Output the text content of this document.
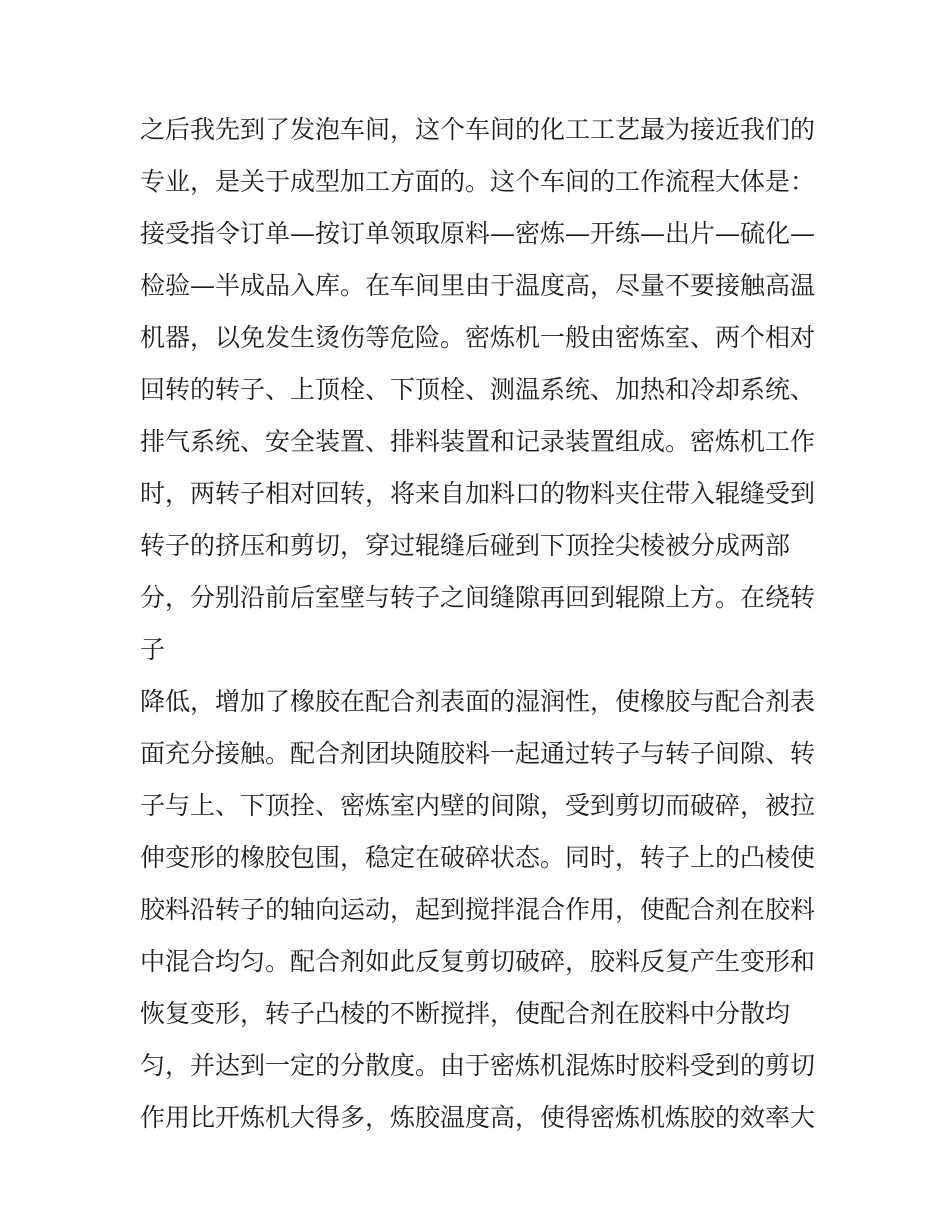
之后我先到了发泡车间，这个车间的化工工艺最为接近我们的
专业，是关于成型加工方面的。这个车间的工作流程大体是：
接受指令订单—按订单领取原料—密炼—开练—出片—硫化—
检验—半成品入库。在车间里由于温度高，尽量不要接触高温
机器，以免发生烫伤等危险。密炼机一般由密炼室、两个相对
回转的转子、上顶栓、下顶栓、测温系统、加热和冷却系统、
排气系统、安全装置、排料装置和记录装置组成。密炼机工作
时，两转子相对回转，将来自加料口的物料夹住带入辊缝受到
转子的挤压和剪切，穿过辊缝后碰到下顶拴尖棱被分成两部
分，分别沿前后室壁与转子之间缝隙再回到辊隙上方。在绕转
子
降低，增加了橡胶在配合剂表面的湿润性，使橡胶与配合剂表
面充分接触。配合剂团块随胶料一起通过转子与转子间隙、转
子与上、下顶拴、密炼室内壁的间隙，受到剪切而破碎，被拉
伸变形的橡胶包围，稳定在破碎状态。同时，转子上的凸棱使
胶料沿转子的轴向运动，起到搅拌混合作用，使配合剂在胶料
中混合均匀。配合剂如此反复剪切破碎，胶料反复产生变形和
恢复变形，转子凸棱的不断搅拌，使配合剂在胶料中分散均
匀，并达到一定的分散度。由于密炼机混炼时胶料受到的剪切
作用比开炼机大得多，炼胶温度高，使得密炼机炼胶的效率大
